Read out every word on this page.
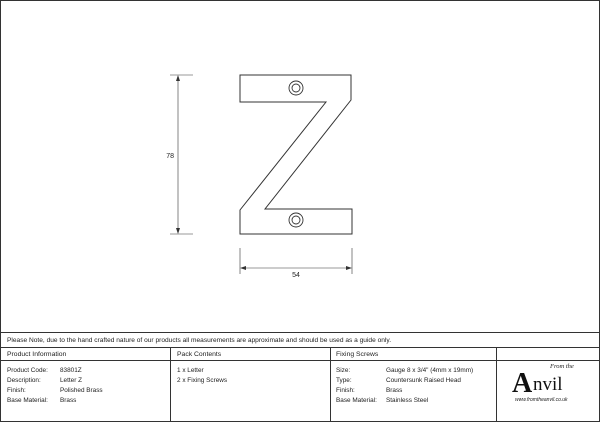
78
54
Please Note, due to the hand crafted nature of our products all measurements are approximate and should be used as a guide only.
Product Information
Product Code: 83801Z
Description:	Letter Z
Finish:	Polished Brass
Base Material: Brass
Pack Contents
1 x Letter
2 x Fixing Screws
Fixing Screws
Size:	Gauge 8 x 3/4" (4mm x 19mm)
Type:	Countersunk Raised Head
Finish:	Brass
Base Material: Stainless Steel
From the
A nvil
www.fromtheanvil.co.uk
